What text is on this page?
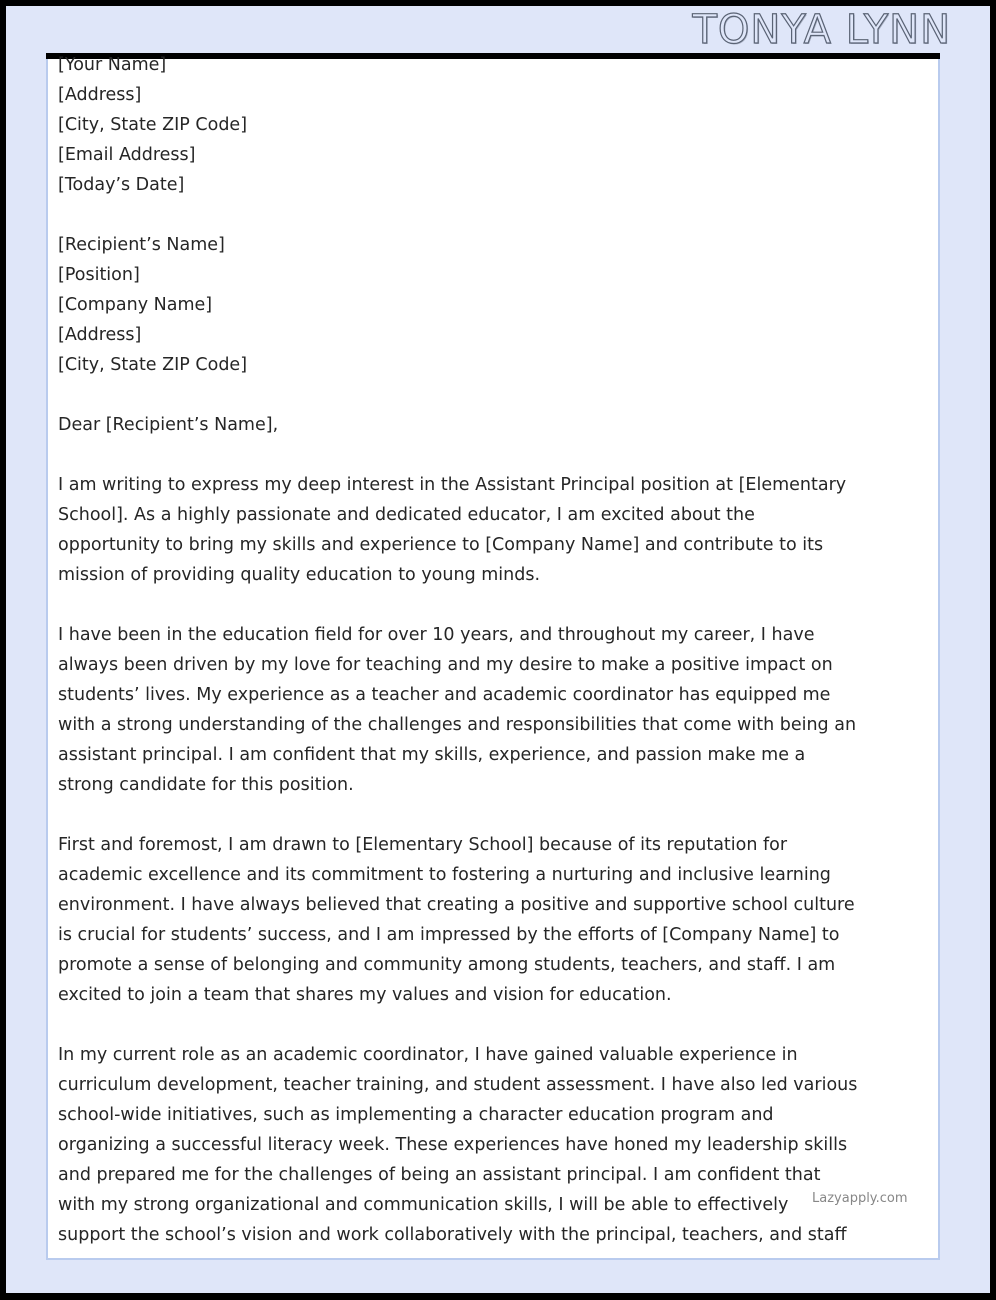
TONYA LYNN
[Your Name]
[Address]
[City, State ZIP Code]
[Email Address]
[Today’s Date]
[Recipient’s Name]
[Position]
[Company Name]
[Address]
[City, State ZIP Code]

Dear [Recipient’s Name],

I am writing to express my deep interest in the Assistant Principal position at [Elementary School]. As a highly passionate and dedicated educator, I am excited about the opportunity to bring my skills and experience to [Company Name] and contribute to its mission of providing quality education to young minds.

I have been in the education field for over 10 years, and throughout my career, I have always been driven by my love for teaching and my desire to make a positive impact on students’ lives. My experience as a teacher and academic coordinator has equipped me with a strong understanding of the challenges and responsibilities that come with being an assistant principal. I am confident that my skills, experience, and passion make me a strong candidate for this position.

First and foremost, I am drawn to [Elementary School] because of its reputation for academic excellence and its commitment to fostering a nurturing and inclusive learning environment. I have always believed that creating a positive and supportive school culture is crucial for students’ success, and I am impressed by the efforts of [Company Name] to promote a sense of belonging and community among students, teachers, and staff. I am excited to join a team that shares my values and vision for education.

In my current role as an academic coordinator, I have gained valuable experience in curriculum development, teacher training, and student assessment. I have also led various school-wide initiatives, such as implementing a character education program and organizing a successful literacy week. These experiences have honed my leadership skills and prepared me for the challenges of being an assistant principal. I am confident that with my strong organizational and communication skills, I will be able to effectively support the school’s vision and work collaboratively with the principal, teachers, and staff

Lazyapply.com
